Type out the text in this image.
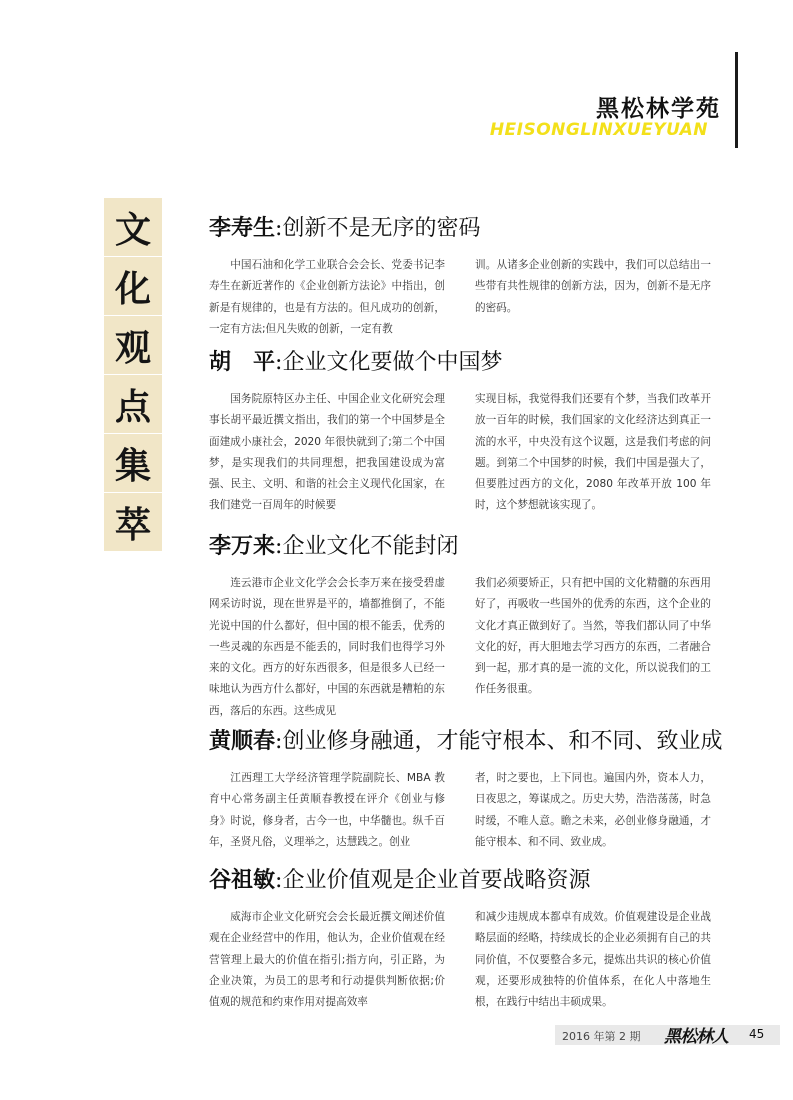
黑松林学苑
HEISONGLINXUEYUAN
文
化
观
点
集
萃
李寿生:创新不是无序的密码

中国石油和化学工业联合会会长、党委书记李寿生在新近著作的《企业创新方法论》中指出，创新是有规律的，也是有方法的。但凡成功的创新，一定有方法;但凡失败的创新，一定有教

训。从诸多企业创新的实践中，我们可以总结出一些带有共性规律的创新方法，因为，创新不是无序的密码。

胡　平:企业文化要做个中国梦

国务院原特区办主任、中国企业文化研究会理事长胡平最近撰文指出，我们的第一个中国梦是全面建成小康社会，2020 年很快就到了;第二个中国梦，是实现我们的共同理想，把我国建设成为富强、民主、文明、和谐的社会主义现代化国家，在我们建党一百周年的时候要

实现目标，我觉得我们还要有个梦，当我们改革开放一百年的时候，我们国家的文化经济达到真正一流的水平，中央没有这个议题，这是我们考虑的问题。到第二个中国梦的时候，我们中国是强大了，但要胜过西方的文化，2080 年改革开放 100 年时，这个梦想就该实现了。

李万来:企业文化不能封闭

连云港市企业文化学会会长李万来在接受碧虚网采访时说，现在世界是平的，墙都推倒了，不能光说中国的什么都好，但中国的根不能丢，优秀的一些灵魂的东西是不能丢的，同时我们也得学习外来的文化。西方的好东西很多，但是很多人已经一味地认为西方什么都好，中国的东西就是糟粕的东西，落后的东西。这些成见

我们必须要矫正，只有把中国的文化精髓的东西用好了，再吸收一些国外的优秀的东西，这个企业的文化才真正做到好了。当然，等我们都认同了中华文化的好，再大胆地去学习西方的东西，二者融合到一起，那才真的是一流的文化，所以说我们的工作任务很重。

黄顺春:创业修身融通，才能守根本、和不同、致业成

江西理工大学经济管理学院副院长、MBA 教育中心常务副主任黄顺春教授在评介《创业与修身》时说，修身者，古今一也，中华髓也。纵千百年，圣贤凡俗，义理举之，达慧践之。创业

者，时之要也，上下同也。遍国内外，资本人力，日夜思之，筹谋成之。历史大势，浩浩荡荡，时急时缓，不唯人意。瞻之未来，必创业修身融通，才能守根本、和不同、致业成。

谷祖敏:企业价值观是企业首要战略资源

威海市企业文化研究会会长最近撰文阐述价值观在企业经营中的作用，他认为，企业价值观在经营管理上最大的价值在指引;指方向，引正路，为企业决策，为员工的思考和行动提供判断依据;价值观的规范和约束作用对提高效率

和减少违规成本都卓有成效。价值观建设是企业战略层面的经略，持续成长的企业必须拥有自己的共同价值，不仅要整合多元，提炼出共识的核心价值观，还要形成独特的价值体系，在化人中落地生根，在践行中结出丰硕成果。

2016 年第 2 期 黑松林人 45
